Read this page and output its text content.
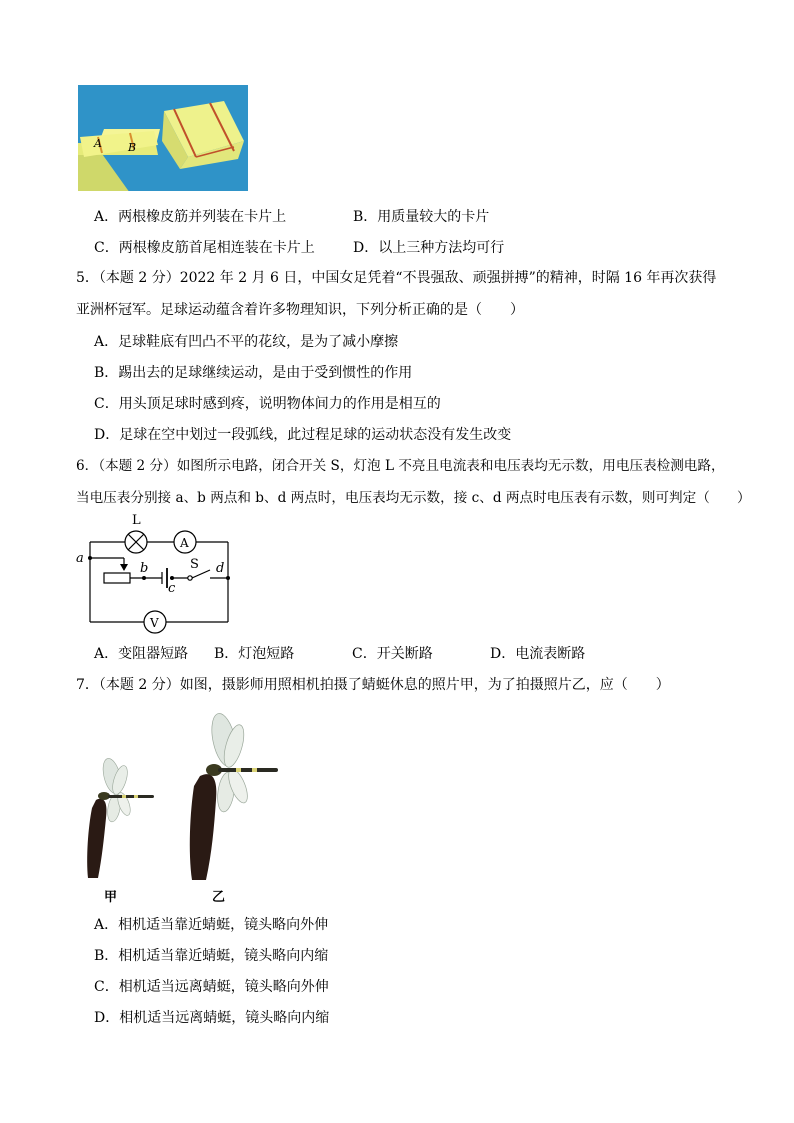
A B
A．两根橡皮筋并列装在卡片上	B．用质量较大的卡片
C．两根橡皮筋首尾相连装在卡片上	D．以上三种方法均可行
5．（本题 2 分）2022 年 2 月 6 日，中国女足凭着“不畏强敌、顽强拼搏”的精神，时隔 16 年再次获得
亚洲杯冠军。足球运动蕴含着许多物理知识，下列分析正确的是（　　）
A．足球鞋底有凹凸不平的花纹，是为了减小摩擦
B．踢出去的足球继续运动，是由于受到惯性的作用
C．用头顶足球时感到疼，说明物体间力的作用是相互的
D．足球在空中划过一段弧线，此过程足球的运动状态没有发生改变
6．（本题 2 分）如图所示电路，闭合开关 S，灯泡 L 不亮且电流表和电压表均无示数，用电压表检测电路，
当电压表分别接 a、b 两点和 b、d 两点时，电压表均无示数，接 c、d 两点时电压表有示数，则可判定（　　）
L
A
V
a
b
c
d
S
A．变阻器短路 B．灯泡短路	C．开关断路	D．电流表断路
7．（本题 2 分）如图，摄影师用照相机拍摄了蜻蜓休息的照片甲，为了拍摄照片乙，应（　　）
甲	乙
A．相机适当靠近蜻蜓，镜头略向外伸
B．相机适当靠近蜻蜓，镜头略向内缩
C．相机适当远离蜻蜓，镜头略向外伸
D．相机适当远离蜻蜓，镜头略向内缩
